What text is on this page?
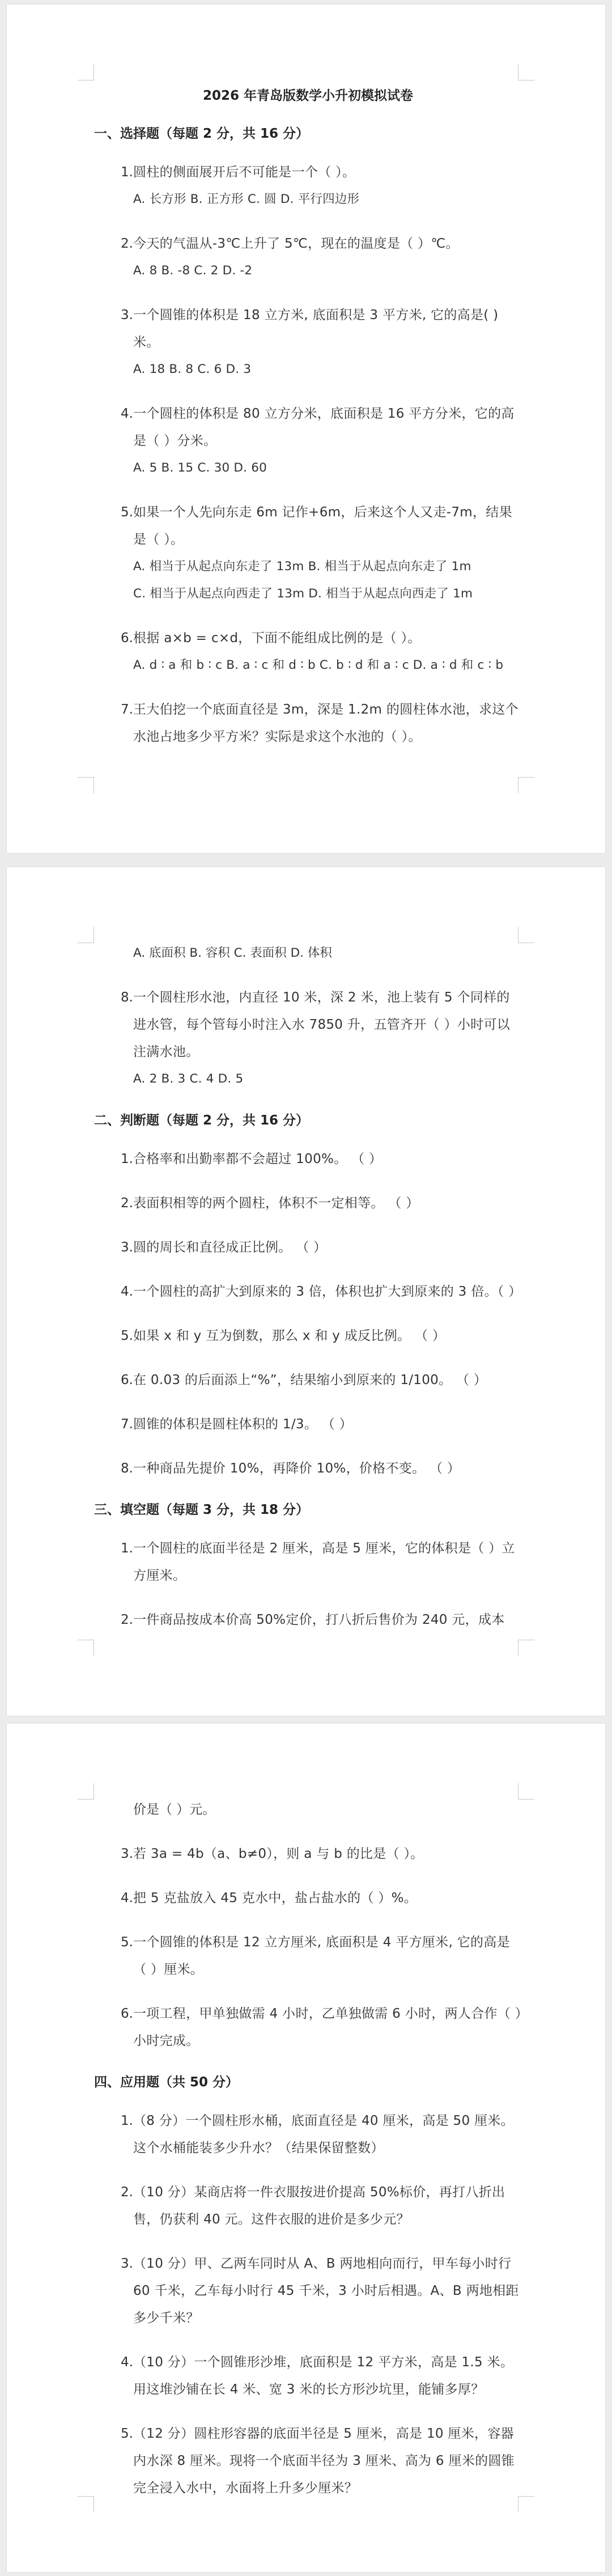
2026 年青岛版数学小升初模拟试卷
一、选择题（每题 2 分，共 16 分）
1. 圆柱的侧面展开后不可能是一个（ ）。
A. 长方形 B. 正方形 C. 圆 D. 平行四边形
2. 今天的气温从-3℃上升了 5℃，现在的温度是（ ）℃。
A. 8 B. -8 C. 2 D. -2
3. 一个圆锥的体积是 18 立方米, 底面积是 3 平方米, 它的高是( ) 米。
A. 18 B. 8 C. 6 D. 3
4. 一个圆柱的体积是 80 立方分米，底面积是 16 平方分米，它的高是（ ）分米。
A. 5 B. 15 C. 30 D. 60
5. 如果一个人先向东走 6m 记作+6m，后来这个人又走-7m，结果是（ ）。
A. 相当于从起点向东走了 13m B. 相当于从起点向东走了 1m
C. 相当于从起点向西走了 13m D. 相当于从起点向西走了 1m
6. 根据 a×b = c×d，下面不能组成比例的是（ ）。
A. d ∶ a 和 b ∶ c B. a ∶ c 和 d ∶ b C. b ∶ d 和 a ∶ c D. a ∶ d 和 c ∶ b
7. 王大伯挖一个底面直径是 3m，深是 1.2m 的圆柱体水池，求这个水池占地多少平方米？实际是求这个水池的（ ）。
A. 底面积 B. 容积 C. 表面积 D. 体积
8. 一个圆柱形水池，内直径 10 米，深 2 米，池上装有 5 个同样的进水管，每个管每小时注入水 7850 升，五管齐开（ ）小时可以注满水池。
A. 2 B. 3 C. 4 D. 5
二、判断题（每题 2 分，共 16 分）
1. 合格率和出勤率都不会超过 100%。 （ ）
2. 表面积相等的两个圆柱，体积不一定相等。 （ ）
3. 圆的周长和直径成正比例。 （ ）
4. 一个圆柱的高扩大到原来的 3 倍，体积也扩大到原来的 3 倍。（ ）
5. 如果 x 和 y 互为倒数，那么 x 和 y 成反比例。 （ ）
6. 在 0.03 的后面添上“%”，结果缩小到原来的 1/100。 （ ）
7. 圆锥的体积是圆柱体积的 1/3。 （ ）
8. 一种商品先提价 10%，再降价 10%，价格不变。 （ ）
三、填空题（每题 3 分，共 18 分）
1. 一个圆柱的底面半径是 2 厘米，高是 5 厘米，它的体积是（ ）立方厘米。
2. 一件商品按成本价高 50%定价，打八折后售价为 240 元，成本
价是（ ）元。
3. 若 3a = 4b（a、b≠0），则 a 与 b 的比是（ ）。
4. 把 5 克盐放入 45 克水中，盐占盐水的（ ）%。
5. 一个圆锥的体积是 12 立方厘米, 底面积是 4 平方厘米, 它的高是（ ）厘米。
6. 一项工程，甲单独做需 4 小时，乙单独做需 6 小时，两人合作（ ）小时完成。
四、应用题（共 50 分）
1. （8 分）一个圆柱形水桶，底面直径是 40 厘米，高是 50 厘米。这个水桶能装多少升水？（结果保留整数）
2. （10 分）某商店将一件衣服按进价提高 50%标价，再打八折出售，仍获利 40 元。这件衣服的进价是多少元？
3. （10 分）甲、乙两车同时从 A、B 两地相向而行，甲车每小时行 60 千米，乙车每小时行 45 千米，3 小时后相遇。A、B 两地相距多少千米？
4. （10 分）一个圆锥形沙堆，底面积是 12 平方米，高是 1.5 米。用这堆沙铺在长 4 米、宽 3 米的长方形沙坑里，能铺多厚？
5. （12 分）圆柱形容器的底面半径是 5 厘米，高是 10 厘米，容器内水深 8 厘米。现将一个底面半径为 3 厘米、高为 6 厘米的圆锥完全浸入水中，水面将上升多少厘米？
